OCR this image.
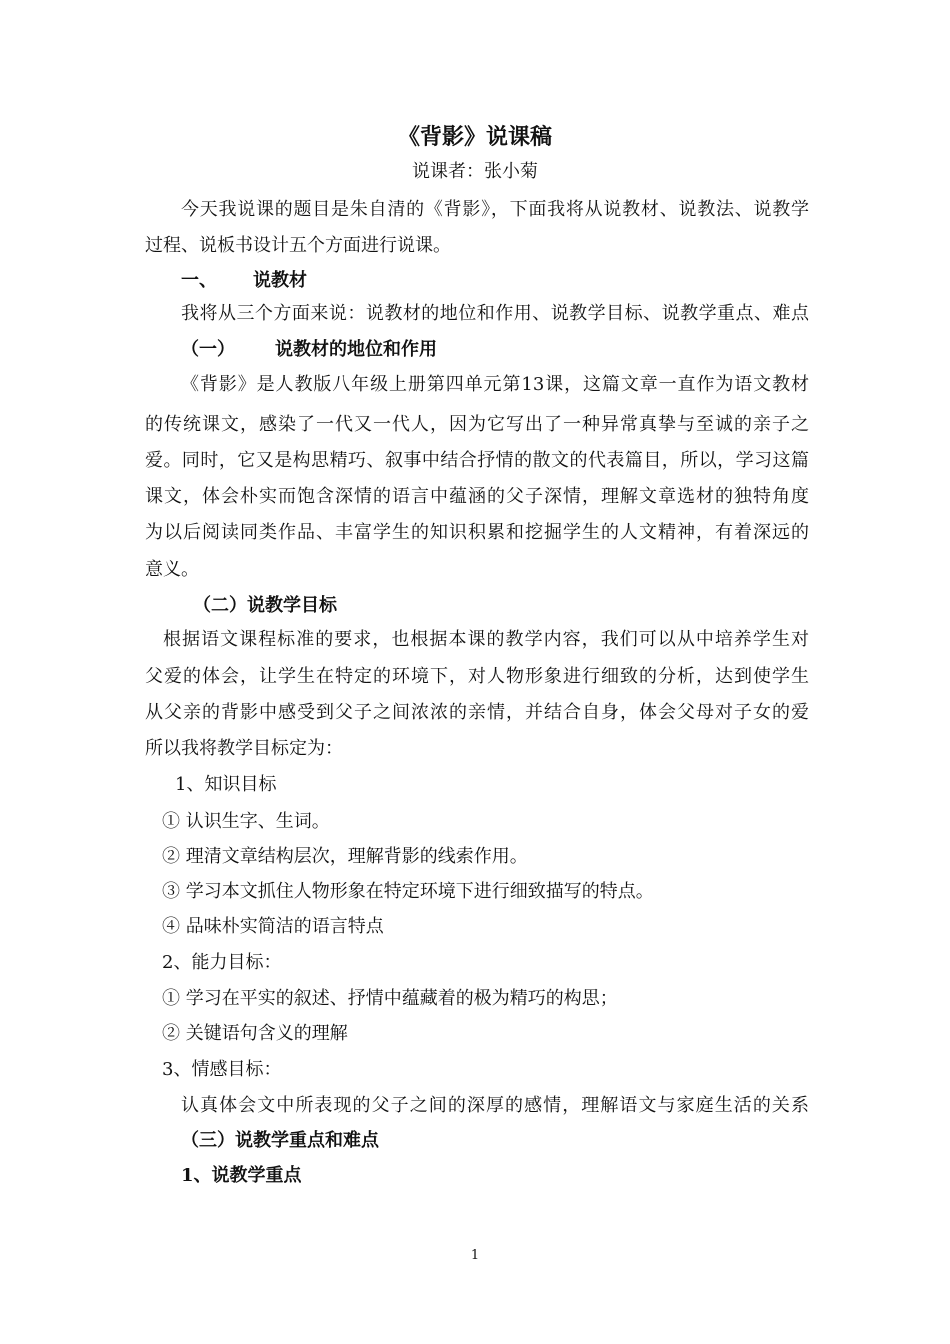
《背影》说课稿
说课者：张小菊
今天我说课的题目是朱自清的《背影》，下面我将从说教材、说教法、说教学
过程、说板书设计五个方面进行说课。
一、 说教材
我将从三个方面来说：说教材的地位和作用、说教学目标、说教学重点、难点
（一） 说教材的地位和作用
《背影》是人教版八年级上册第四单元第13课，这篇文章一直作为语文教材
的传统课文，感染了一代又一代人，因为它写出了一种异常真挚与至诚的亲子之
爱。同时，它又是构思精巧、叙事中结合抒情的散文的代表篇目，所以，学习这篇
课文，体会朴实而饱含深情的语言中蕴涵的父子深情，理解文章选材的独特角度
为以后阅读同类作品、丰富学生的知识积累和挖掘学生的人文精神，有着深远的
意义。
（二）说教学目标
根据语文课程标准的要求，也根据本课的教学内容，我们可以从中培养学生对
父爱的体会，让学生在特定的环境下，对人物形象进行细致的分析，达到使学生
从父亲的背影中感受到父子之间浓浓的亲情，并结合自身，体会父母对子女的爱
所以我将教学目标定为：
1、知识目标
① 认识生字、生词。
② 理清文章结构层次，理解背影的线索作用。
③ 学习本文抓住人物形象在特定环境下进行细致描写的特点。
④ 品味朴实简洁的语言特点
2、能力目标：
① 学习在平实的叙述、抒情中蕴藏着的极为精巧的构思；
② 关键语句含义的理解
3、情感目标：
认真体会文中所表现的父子之间的深厚的感情，理解语文与家庭生活的关系
（三）说教学重点和难点
1、说教学重点
1
